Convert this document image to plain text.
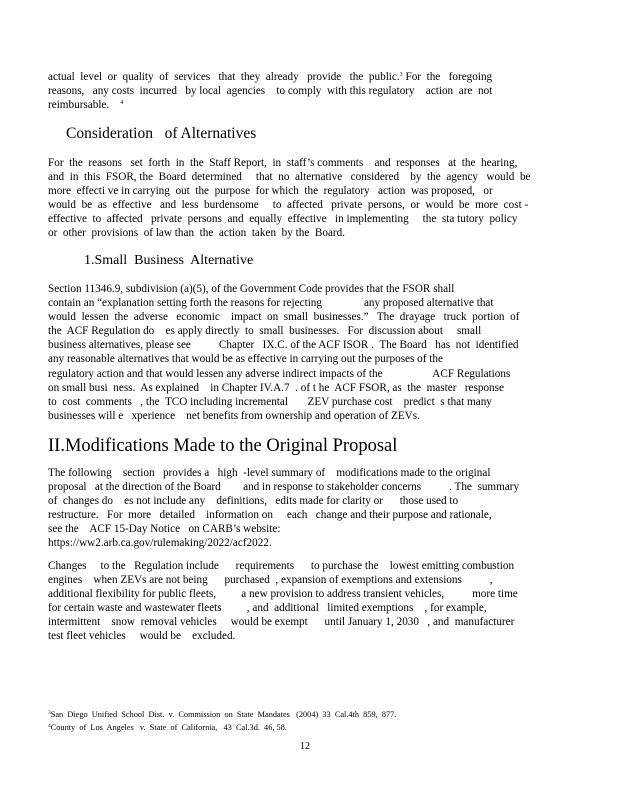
actual  level  or  quality  of  services   that  they  already   provide   the  public.$^3$ For  the   foregoing
reasons,   any costs  incurred   by local  agencies    to comply  with this regulatory    action  are  not
reimbursable. $^4$
Consideration   of Alternatives
For  the  reasons   set  forth  in  the  Staff Report,  in  staff’s comments    and  responses   at  the  hearing,
and  in  this  FSOR, the  Board  determined     that  no  alternative   considered    by  the  agency   would  be
more  effecti ve in carrying  out  the  purpose  for which  the  regulatory   action  was proposed,   or
would  be  as  effective   and  less  burdensome     to  affected   private  persons,  or  would  be  more  cost -
effective  to  affected   private  persons  and  equally  effective   in implementing     the  sta tutory  policy
or  other  provisions  of law than  the  action  taken  by the  Board.
1.Small  Business  Alternative
Section 11346.9, subdivision (a)(5), of the Government Code provides that the FSOR shall
contain an “explanation setting forth the reasons for rejecting               any proposed alternative that
would  lessen  the  adverse   economic    impact  on  small  businesses.”   The  drayage   truck  portion  of
the  ACF Regulation do    es apply directly  to  small  businesses.   For  discussion about     small
business alternatives, please see          Chapter   IX.C. of the ACF ISOR .  The Board   has  not  identified
any reasonable alternatives that would be as effective in carrying out the purposes of the
regulatory action and that would lessen any adverse indirect impacts of the                  ACF Regulations
on small busi  ness.  As explained    in Chapter IV.A.7  . of t he  ACF FSOR, as  the  master   response
to  cost  comments   , the  TCO including incremental       ZEV purchase cost    predict  s that many
businesses will e   xperience    net benefits from ownership and operation of ZEVs.
II.Modifications Made to the Original Proposal
The following    section   provides a   high  -level summary of    modifications made to the original
proposal   at the direction of the Board        and in response to stakeholder concerns          . The  summary
of  changes do    es not include any    definitions,   edits made for clarity or      those used to
restructure.   For  more   detailed    information on     each   change and their purpose and rationale,
see the    ACF 15-Day Notice   on CARB’s website:
https://ww2.arb.ca.gov/rulemaking/2022/acf2022.
Changes     to the   Regulation include      requirements      to purchase the    lowest emitting combustion
engines    when ZEVs are not being      purchased  , expansion of exemptions and extensions          ,
additional flexibility for public fleets,         a new provision to address transient vehicles,          more time
for certain waste and wastewater fleets         , and  additional   limited exemptions    , for example,
intermittent    snow  removal vehicles     would be exempt      until January 1, 2030   , and  manufacturer
test fleet vehicles     would be    excluded.
$^3$San  Diego  Unified  School  Dist.  v.  Commission  on  State  Mandates   (2004)  33  Cal.4th  859,  877.
$^4$County  of  Los  Angeles   v.  State  of  California,   43  Cal.3d.  46, 58.
12
